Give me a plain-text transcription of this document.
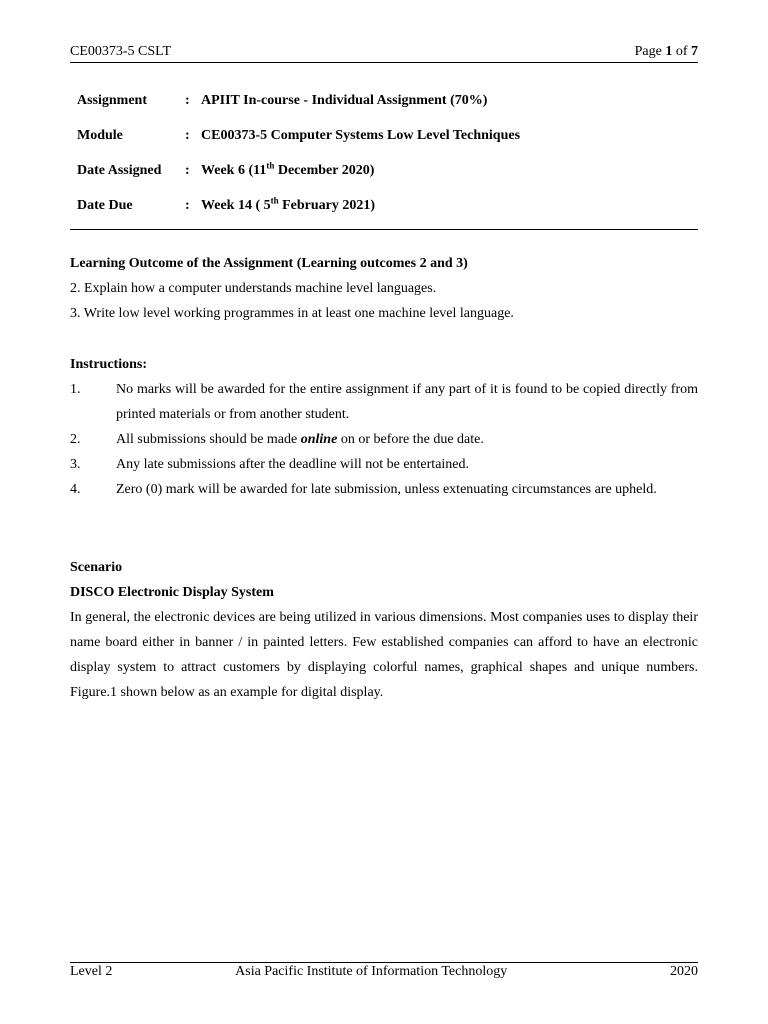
CE00373-5 CSLT	Page 1 of 7
Assignment	: APIIT In-course - Individual Assignment (70%)
Module	: CE00373-5 Computer Systems Low Level Techniques
Date Assigned	: Week 6 (11th December 2020)
Date Due	: Week 14 ( 5th February 2021)
Learning Outcome of the Assignment (Learning outcomes 2 and 3)
2. Explain how a computer understands machine level languages.
3. Write low level working programmes in at least one machine level language.
Instructions:
1.	No marks will be awarded for the entire assignment if any part of it is found to be copied directly from printed materials or from another student.
2.	All submissions should be made online on or before the due date.
3.	Any late submissions after the deadline will not be entertained.
4.	Zero (0) mark will be awarded for late submission, unless extenuating circumstances are upheld.
Scenario
DISCO Electronic Display System
In general, the electronic devices are being utilized in various dimensions. Most companies uses to display their name board either in banner / in painted letters. Few established companies can afford to have an electronic display system to attract customers by displaying colorful names, graphical shapes and unique numbers. Figure.1 shown below as an example for digital display.
Level 2	Asia Pacific Institute of Information Technology	2020
